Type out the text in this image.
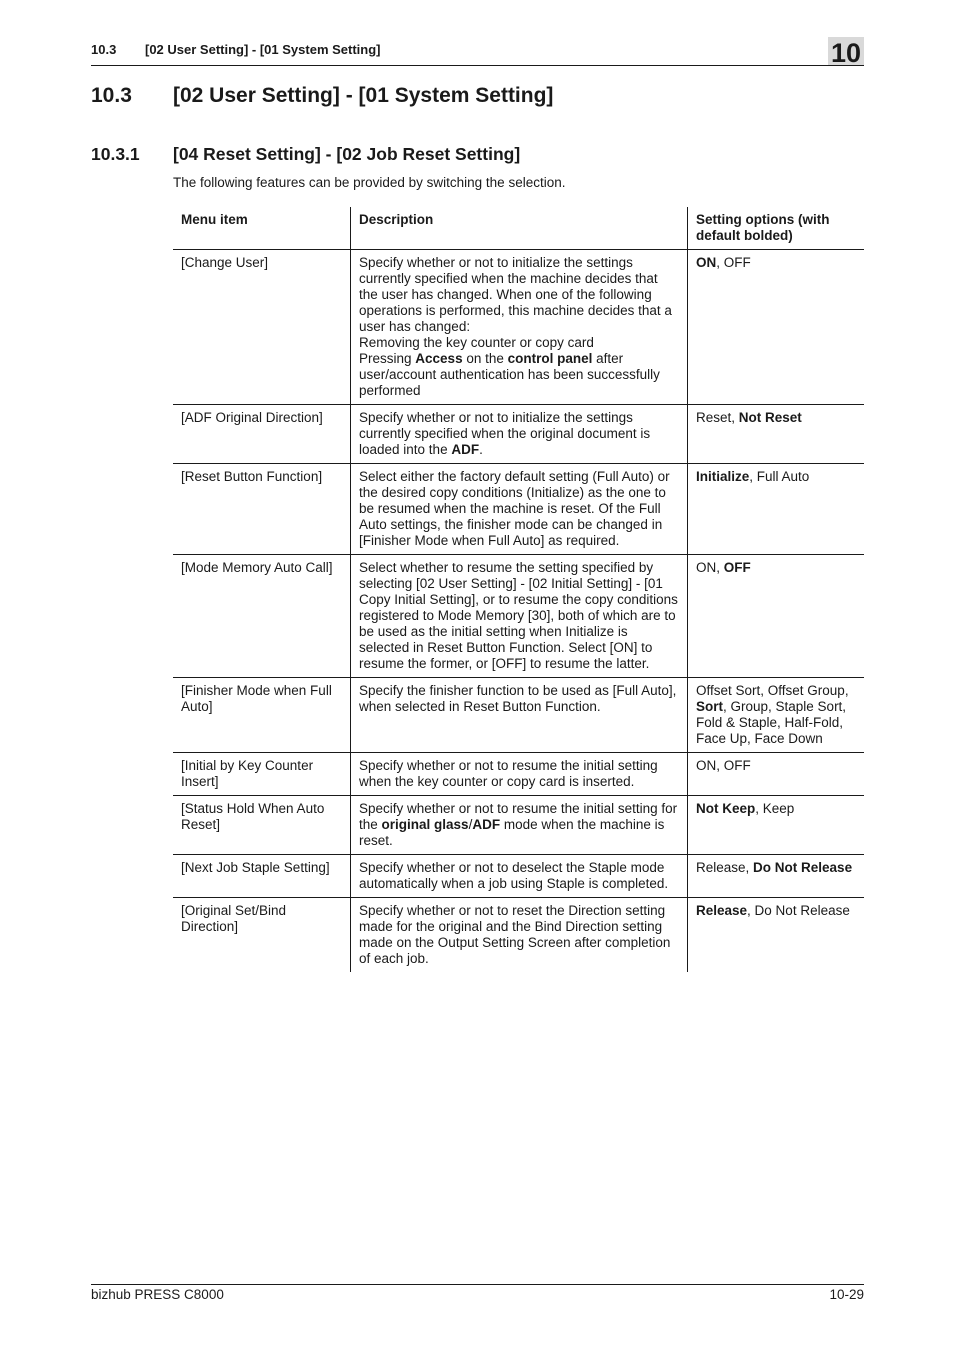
10.3 [02 User Setting] - [01 System Setting]	10
10.3 [02 User Setting] - [01 System Setting]
10.3.1 [04 Reset Setting] - [02 Job Reset Setting]

The following features can be provided by switching the selection.

Menu item	Description	Setting options (with default bolded)
[Change User]	Specify whether or not to initialize the settings currently specified when the machine decides that the user has changed. When one of the following operations is performed, this machine decides that a user has changed:
Removing the key counter or copy card
Pressing Access on the control panel after user/account authentication has been successfully performed	ON, OFF
[ADF Original Direction]	Specify whether or not to initialize the settings currently specified when the original document is loaded into the ADF.	Reset, Not Reset
[Reset Button Function]	Select either the factory default setting (Full Auto) or the desired copy conditions (Initialize) as the one to be resumed when the machine is reset. Of the Full Auto settings, the finisher mode can be changed in [Finisher Mode when Full Auto] as required.	Initialize, Full Auto
[Mode Memory Auto Call]	Select whether to resume the setting specified by selecting [02 User Setting] - [02 Initial Setting] - [01 Copy Initial Setting], or to resume the copy conditions registered to Mode Memory [30], both of which are to be used as the initial setting when Initialize is selected in Reset Button Function. Select [ON] to resume the former, or [OFF] to resume the latter.	ON, OFF
[Finisher Mode when Full Auto]	Specify the finisher function to be used as [Full Auto], when selected in Reset Button Function.	Offset Sort, Offset Group, Sort, Group, Staple Sort, Fold & Staple, Half-Fold, Face Up, Face Down
[Initial by Key Counter Insert]	Specify whether or not to resume the initial setting when the key counter or copy card is inserted.	ON, OFF
[Status Hold When Auto Reset]	Specify whether or not to resume the initial setting for the original glass/ADF mode when the machine is reset.	Not Keep, Keep
[Next Job Staple Setting]	Specify whether or not to deselect the Staple mode automatically when a job using Staple is completed.	Release, Do Not Release
[Original Set/Bind Direction]	Specify whether or not to reset the Direction setting made for the original and the Bind Direction setting made on the Output Setting Screen after completion of each job.	Release, Do Not Release
bizhub PRESS C8000	10-29
